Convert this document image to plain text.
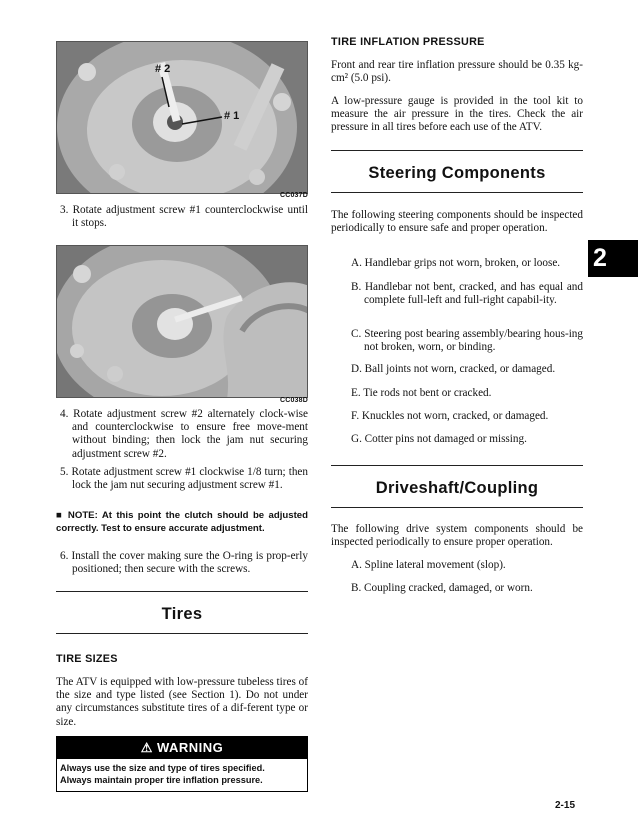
# 2
# 1
CC037D
3. Rotate adjustment screw #1 counterclockwise until it stops.
CC038D
4. Rotate adjustment screw #2 alternately clock-wise and counterclockwise to ensure free move-ment without binding; then lock the jam nut securing adjustment screw #2.
5. Rotate adjustment screw #1 clockwise 1/8 turn; then lock the jam nut securing adjustment screw #1.
■ NOTE: At this point the clutch should be adjusted correctly. Test to ensure accurate adjustment.
6. Install the cover making sure the O-ring is prop-erly positioned; then secure with the screws.
Tires
TIRE SIZES

The ATV is equipped with low-pressure tubeless tires of the size and type listed (see Section 1). Do not under any circumstances substitute tires of a dif-ferent type or size.

⚠ WARNING
Always use the size and type of tires specified.
Always maintain proper tire inflation pressure.
TIRE INFLATION PRESSURE

Front and rear tire inflation pressure should be 0.35 kg-cm² (5.0 psi).

A low-pressure gauge is provided in the tool kit to measure the air pressure in the tires. Check the air pressure in all tires before each use of the ATV.

Steering Components

The following steering components should be inspected periodically to ensure safe and proper operation.

A. Handlebar grips not worn, broken, or loose.
B. Handlebar not bent, cracked, and has equal and complete full-left and full-right capabil-ity.
C. Steering post bearing assembly/bearing hous-ing not broken, worn, or binding.
D. Ball joints not worn, cracked, or damaged.
E. Tie rods not bent or cracked.
F. Knuckles not worn, cracked, or damaged.
G. Cotter pins not damaged or missing.
Driveshaft/Coupling

The following drive system components should be inspected periodically to ensure proper operation.

A. Spline lateral movement (slop).
B. Coupling cracked, damaged, or worn.
2
2-15
